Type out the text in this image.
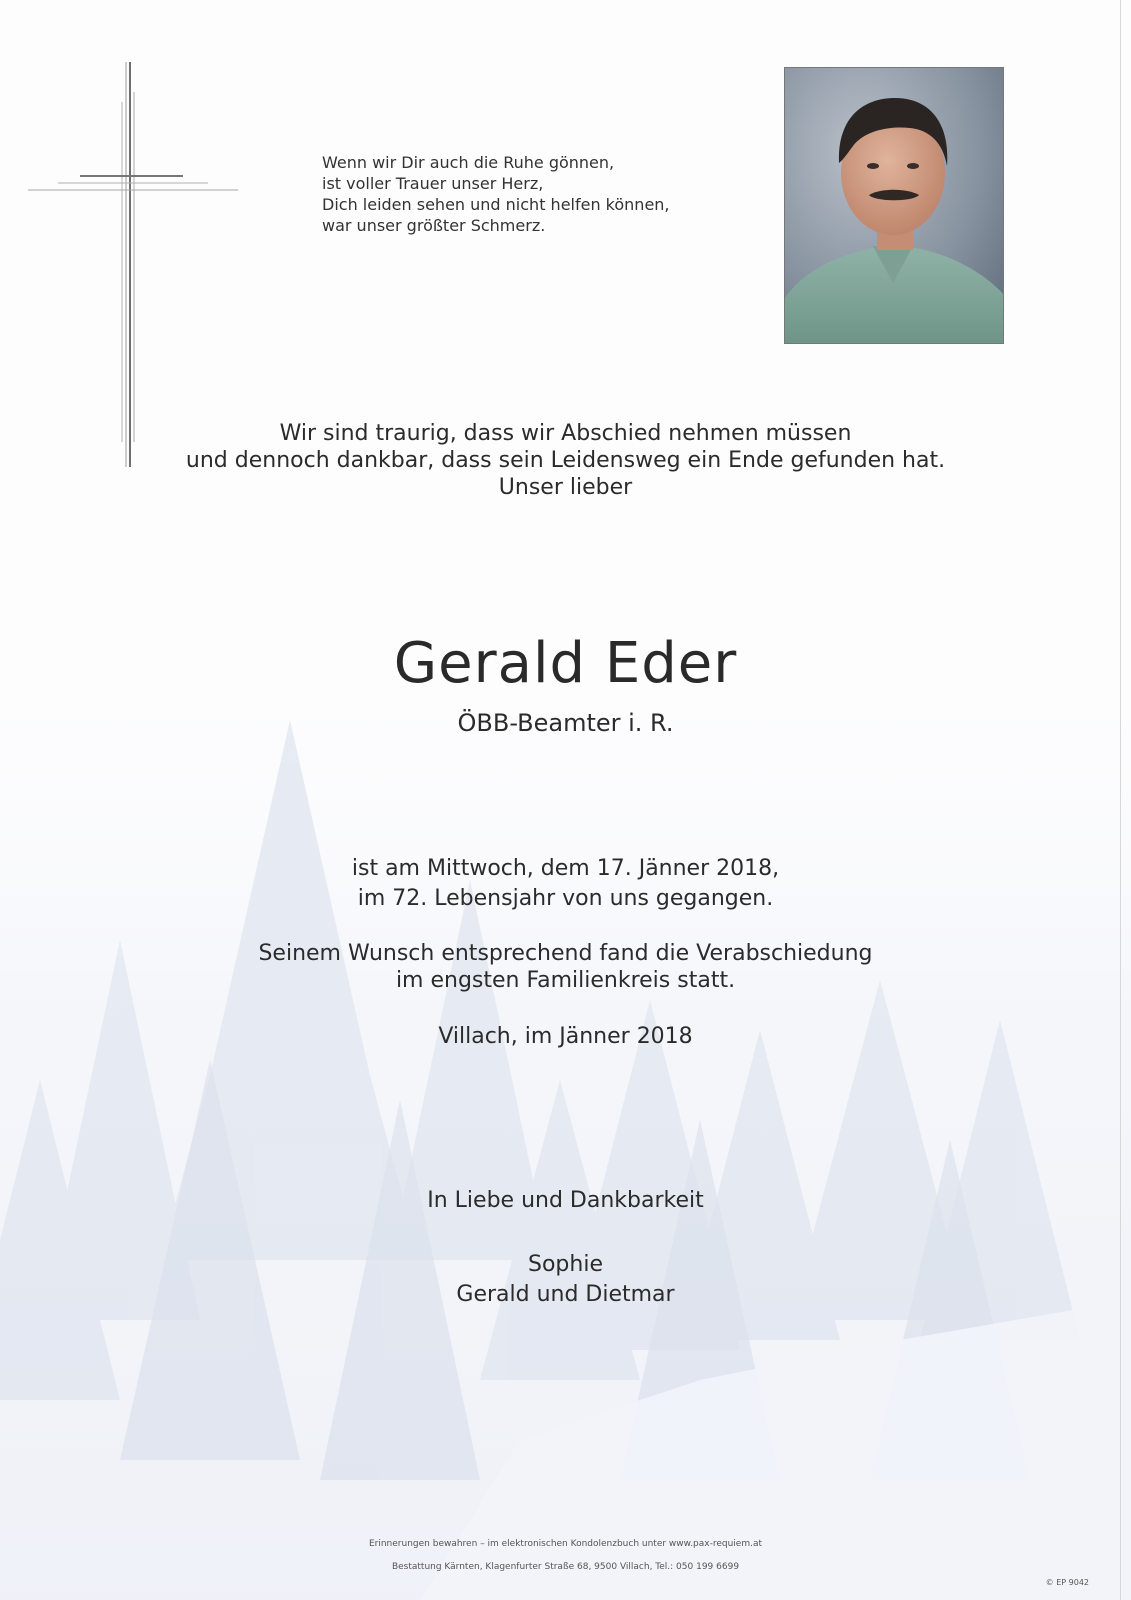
Wenn wir Dir auch die Ruhe gönnen,
ist voller Trauer unser Herz,
Dich leiden sehen und nicht helfen können,
war unser größter Schmerz.
Wir sind traurig, dass wir Abschied nehmen müssen
und dennoch dankbar, dass sein Leidensweg ein Ende gefunden hat.
Unser lieber
Gerald Eder
ÖBB-Beamter i. R.
ist am Mittwoch, dem 17. Jänner 2018,
im 72. Lebensjahr von uns gegangen.
Seinem Wunsch entsprechend fand die Verabschiedung
im engsten Familienkreis statt.
Villach, im Jänner 2018
In Liebe und Dankbarkeit
Sophie
Gerald und Dietmar
Erinnerungen bewahren – im elektronischen Kondolenzbuch unter www.pax-requiem.at
Bestattung Kärnten, Klagenfurter Straße 68, 9500 Villach, Tel.: 050 199 6699
© EP 9042
